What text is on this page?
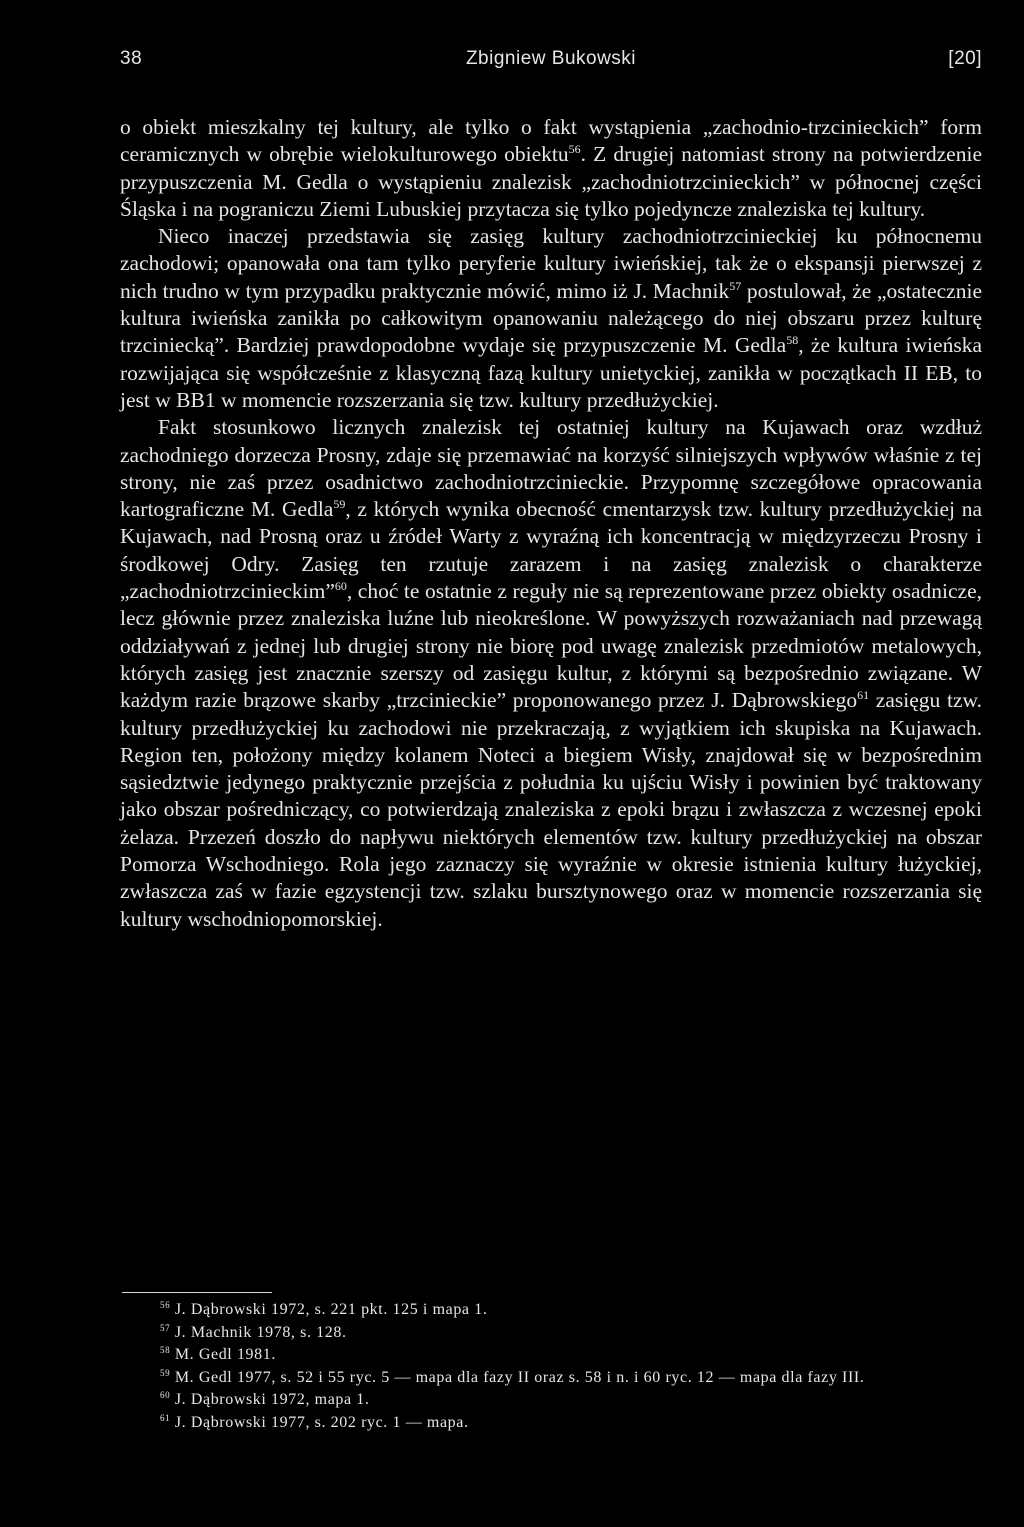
38	Zbigniew Bukowski	[20]

o obiekt mieszkalny tej kultury, ale tylko o fakt wystąpienia „zachodnio-trzcinieckich” form ceramicznych w obrębie wielokulturowego obiektu$^{56}$. Z drugiej natomiast strony na potwierdzenie przypuszczenia M. Gedla o wystąpieniu znalezisk „zachodniotrzcinieckich” w północnej części Śląska i na pograniczu Ziemi Lubuskiej przytacza się tylko pojedyncze znaleziska tej kultury.

Nieco inaczej przedstawia się zasięg kultury zachodniotrzcinieckiej ku północnemu zachodowi; opanowała ona tam tylko peryferie kultury iwieńskiej, tak że o ekspansji pierwszej z nich trudno w tym przypadku praktycznie mówić, mimo iż J. Machnik$^{57}$ postulował, że „ostatecznie kultura iwieńska zanikła po całkowitym opanowaniu należącego do niej obszaru przez kulturę trzciniecką”. Bardziej prawdopodobne wydaje się przypuszczenie M. Gedla$^{58}$, że kultura iwieńska rozwijająca się współcześnie z klasyczną fazą kultury unietyckiej, zanikła w początkach II EB, to jest w BB1 w momencie rozszerzania się tzw. kultury przedłużyckiej.

Fakt stosunkowo licznych znalezisk tej ostatniej kultury na Kujawach oraz wzdłuż zachodniego dorzecza Prosny, zdaje się przemawiać na korzyść silniejszych wpływów właśnie z tej strony, nie zaś przez osadnictwo zachodniotrzcinieckie. Przypomnę szczegółowe opracowania kartograficzne M. Gedla$^{59}$, z których wynika obecność cmentarzysk tzw. kultury przedłużyckiej na Kujawach, nad Prosną oraz u źródeł Warty z wyraźną ich koncentracją w międzyrzeczu Prosny i środkowej Odry. Zasięg ten rzutuje zarazem i na zasięg znalezisk o charakterze „zachodniotrzcinieckim”$^{60}$, choć te ostatnie z reguły nie są reprezentowane przez obiekty osadnicze, lecz głównie przez znaleziska luźne lub nieokreślone. W powyższych rozważaniach nad przewagą oddziaływań z jednej lub drugiej strony nie biorę pod uwagę znalezisk przedmiotów metalowych, których zasięg jest znacznie szerszy od zasięgu kultur, z którymi są bezpośrednio związane. W każdym razie brązowe skarby „trzcinieckie” proponowanego przez J. Dąbrowskiego$^{61}$ zasięgu tzw. kultury przedłużyckiej ku zachodowi nie przekraczają, z wyjątkiem ich skupiska na Kujawach. Region ten, położony między kolanem Noteci a biegiem Wisły, znajdował się w bezpośrednim sąsiedztwie jedynego praktycznie przejścia z południa ku ujściu Wisły i powinien być traktowany jako obszar pośredniczący, co potwierdzają znaleziska z epoki brązu i zwłaszcza z wczesnej epoki żelaza. Przezeń doszło do napływu niektórych elementów tzw. kultury przedłużyckiej na obszar Pomorza Wschodniego. Rola jego zaznaczy się wyraźnie w okresie istnienia kultury łużyckiej, zwłaszcza zaś w fazie egzystencji tzw. szlaku bursztynowego oraz w momencie rozszerzania się kultury wschodniopomorskiej.

$^{56}$ J. Dąbrowski 1972, s. 221 pkt. 125 i mapa 1.

$^{57}$ J. Machnik 1978, s. 128.

$^{58}$ M. Gedl 1981.

$^{59}$ M. Gedl 1977, s. 52 i 55 ryc. 5 — mapa dla fazy II oraz s. 58 i n. i 60 ryc. 12 — mapa dla fazy III.

$^{60}$ J. Dąbrowski 1972, mapa 1.

$^{61}$ J. Dąbrowski 1977, s. 202 ryc. 1 — mapa.
